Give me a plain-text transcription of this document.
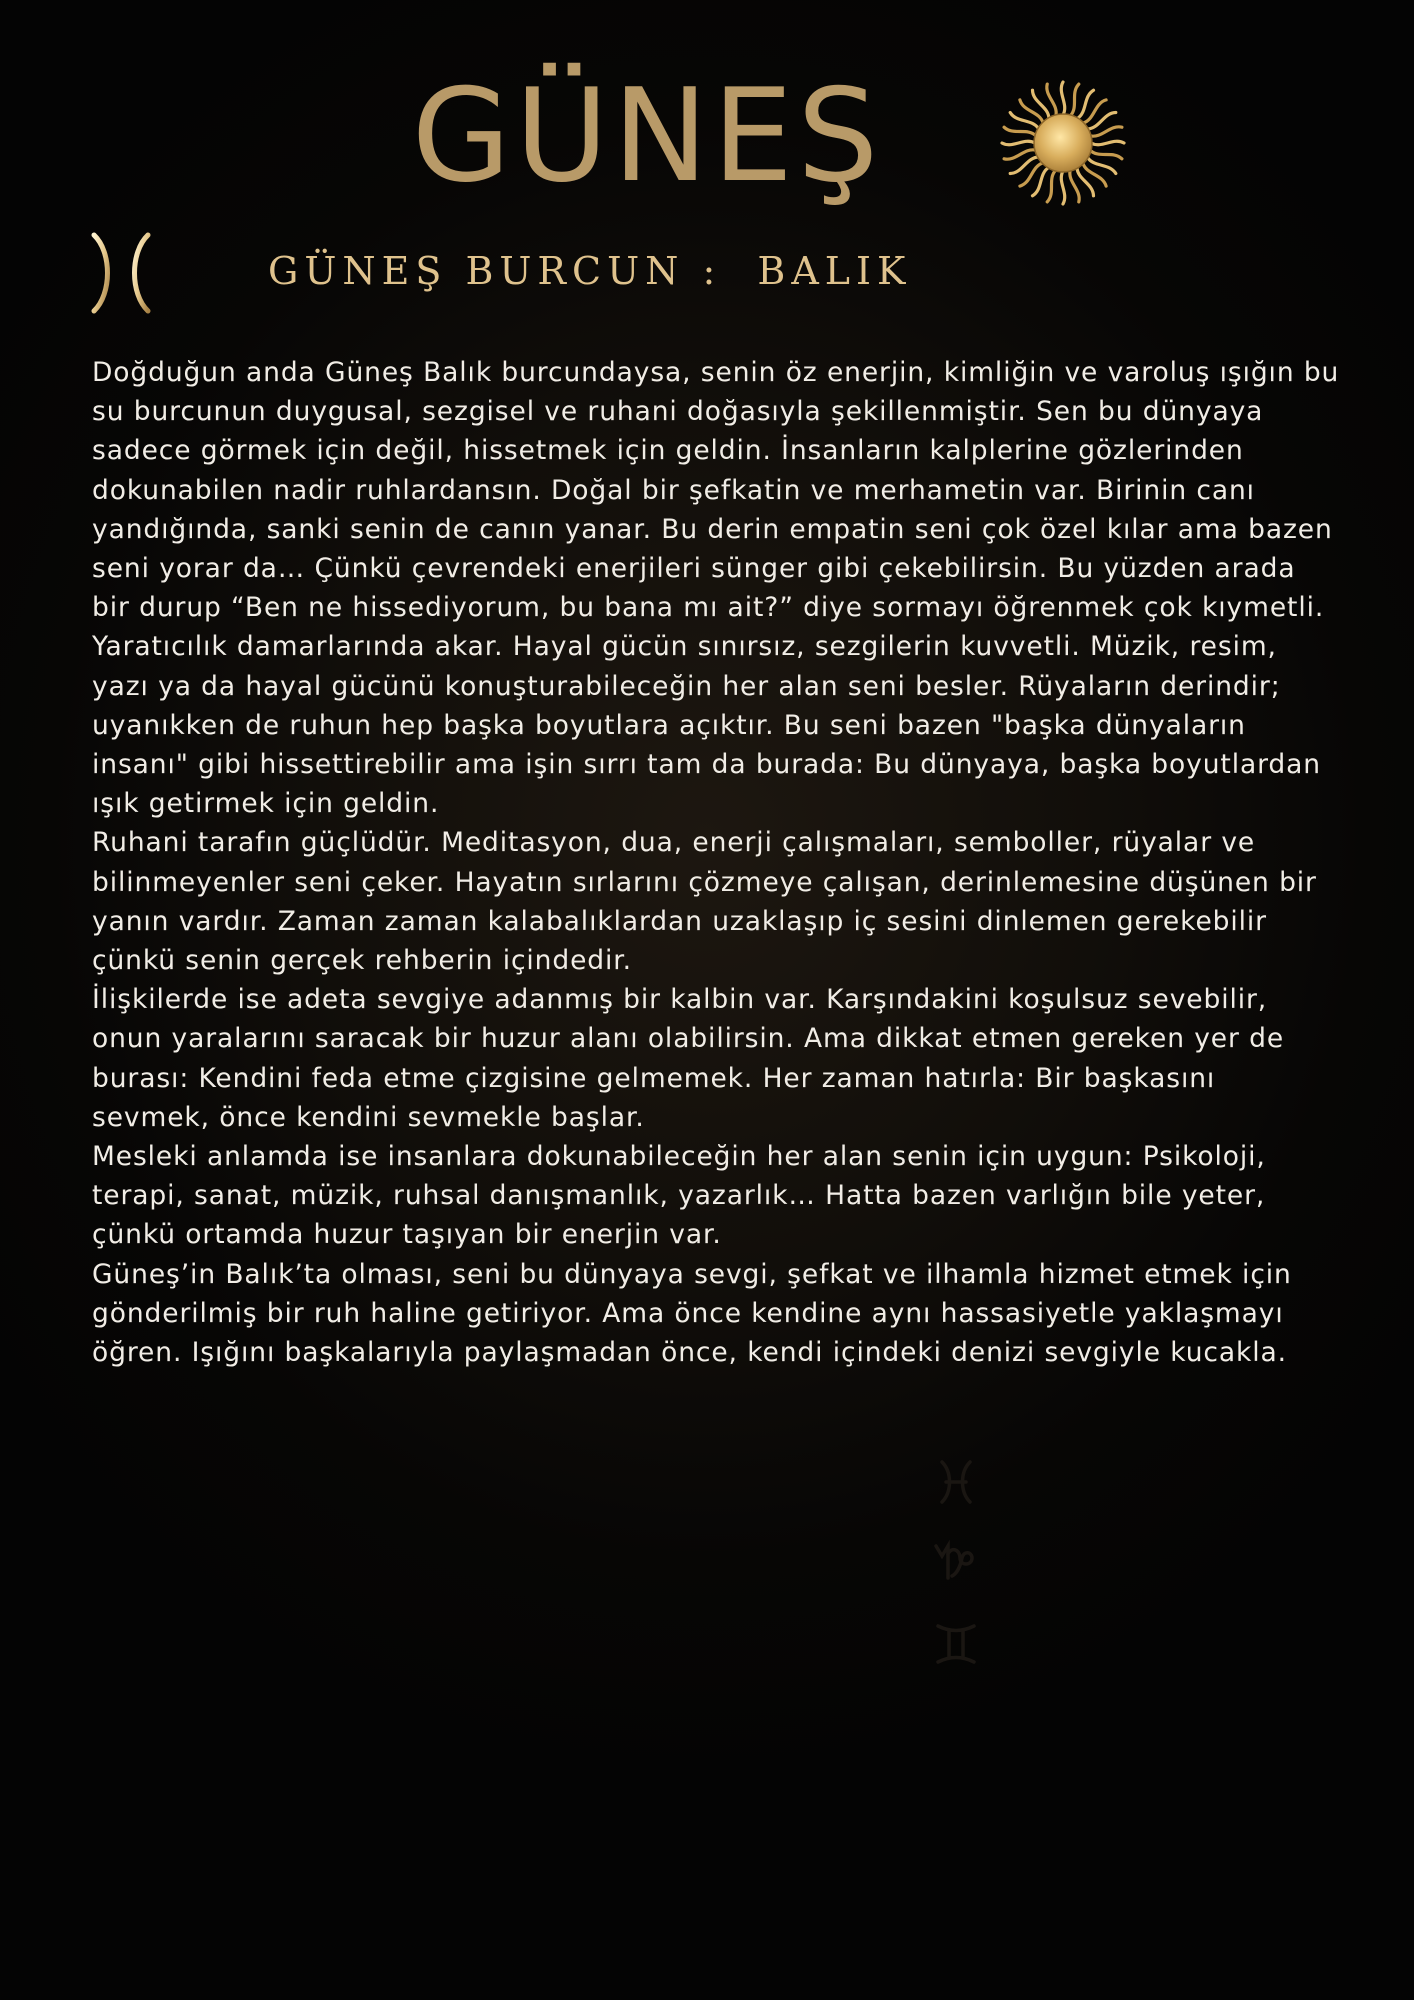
GÜNEŞ
GÜNEŞ BURCUN :  BALIK

Doğduğun anda Güneş Balık burcundaysa, senin öz enerjin, kimliğin ve varoluş ışığın bu su burcunun duygusal, sezgisel ve ruhani doğasıyla şekillenmiştir. Sen bu dünyaya sadece görmek için değil, hissetmek için geldin. İnsanların kalplerine gözlerinden dokunabilen nadir ruhlardansın. Doğal bir şefkatin ve merhametin var. Birinin canı yandığında, sanki senin de canın yanar. Bu derin empatin seni çok özel kılar ama bazen seni yorar da… Çünkü çevrendeki enerjileri sünger gibi çekebilirsin. Bu yüzden arada bir durup “Ben ne hissediyorum, bu bana mı ait?” diye sormayı öğrenmek çok kıymetli.

Yaratıcılık damarlarında akar. Hayal gücün sınırsız, sezgilerin kuvvetli. Müzik, resim, yazı ya da hayal gücünü konuşturabileceğin her alan seni besler. Rüyaların derindir; uyanıkken de ruhun hep başka boyutlara açıktır. Bu seni bazen "başka dünyaların insanı" gibi hissettirebilir ama işin sırrı tam da burada: Bu dünyaya, başka boyutlardan ışık getirmek için geldin.

Ruhani tarafın güçlüdür. Meditasyon, dua, enerji çalışmaları, semboller, rüyalar ve bilinmeyenler seni çeker. Hayatın sırlarını çözmeye çalışan, derinlemesine düşünen bir yanın vardır. Zaman zaman kalabalıklardan uzaklaşıp iç sesini dinlemen gerekebilir çünkü senin gerçek rehberin içindedir.

İlişkilerde ise adeta sevgiye adanmış bir kalbin var. Karşındakini koşulsuz sevebilir, onun yaralarını saracak bir huzur alanı olabilirsin. Ama dikkat etmen gereken yer de burası: Kendini feda etme çizgisine gelmemek. Her zaman hatırla: Bir başkasını sevmek, önce kendini sevmekle başlar.

Mesleki anlamda ise insanlara dokunabileceğin her alan senin için uygun: Psikoloji, terapi, sanat, müzik, ruhsal danışmanlık, yazarlık… Hatta bazen varlığın bile yeter, çünkü ortamda huzur taşıyan bir enerjin var.

Güneş’in Balık’ta olması, seni bu dünyaya sevgi, şefkat ve ilhamla hizmet etmek için gönderilmiş bir ruh haline getiriyor. Ama önce kendine aynı hassasiyetle yaklaşmayı öğren. Işığını başkalarıyla paylaşmadan önce, kendi içindeki denizi sevgiyle kucakla.
